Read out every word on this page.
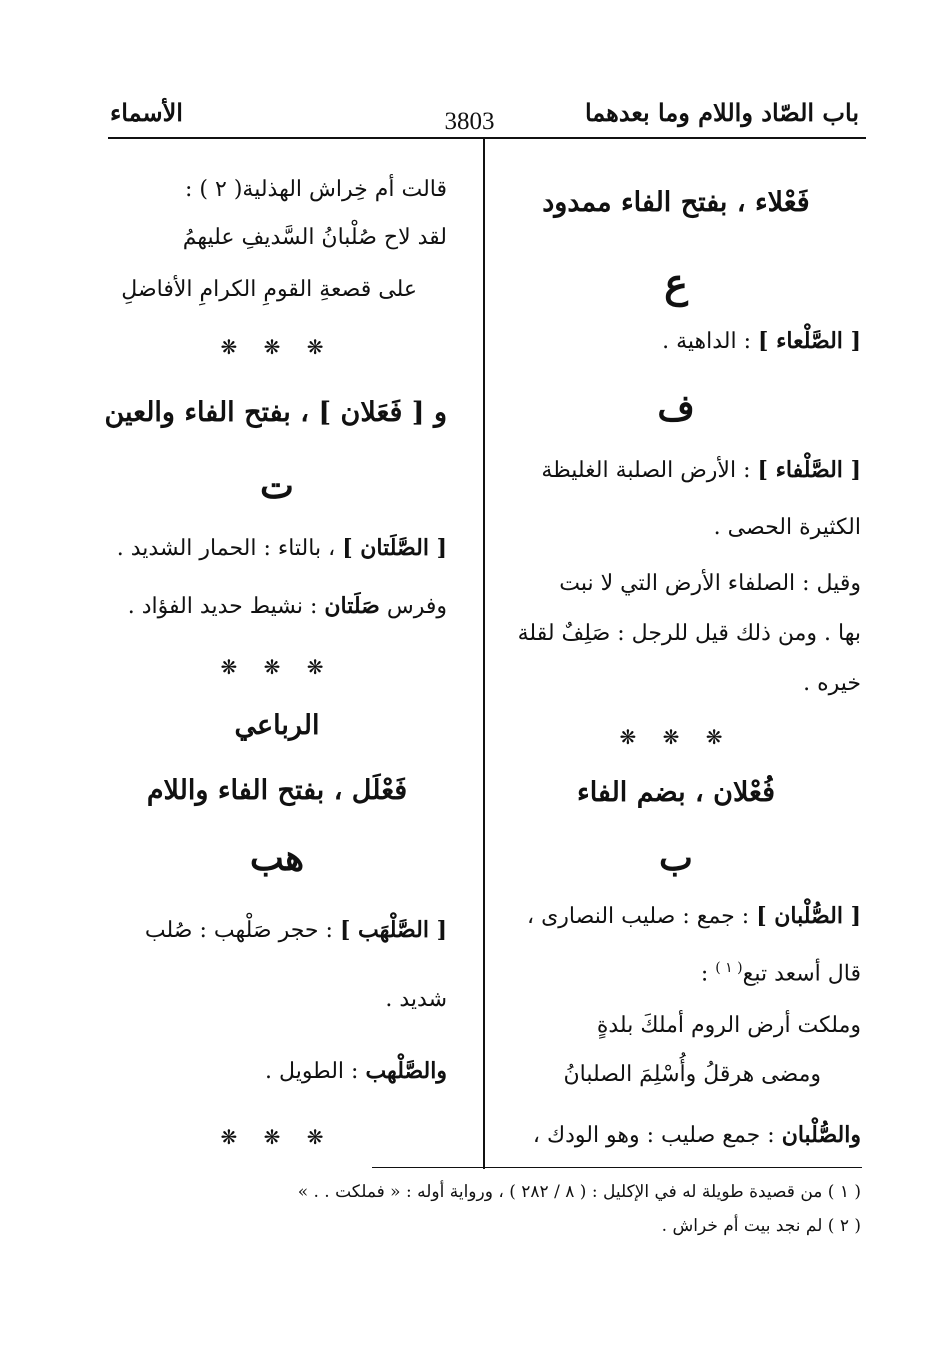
باب الصّاد واللام وما بعدهما
3803
الأسماء
فَعْلاء ، بفتح الفاء ممدود
ع
[ الصَّلْعاء ] : الداهية .
ف
[ الصَّلْفاء ] : الأرض الصلبة الغليظة
الكثيرة الحصى .
وقيل : الصلفاء الأرض التي لا نبت
بها . ومن ذلك قيل للرجل : صَلِفٌ لقلة
خيره .
❋ ❋ ❋
فُعْلان ، بضم الفاء
ب
[ الصُّلْبان ] : جمع : صليب النصارى ،
قال أسعد تبع$^{( ١ )}$ :
وملكت أرض الروم أملكَ بلدةٍ
ومضى هرقلُ وأُسْلِمَ الصلبانُ
والصُّلْبان : جمع صليب : وهو الودك ،
قالت أم خِراش الهذلية( ٢ ) :
لقد لاح صُلْبانُ السَّديفِ عليهمُ
على قصعةِ القومِ الكرامِ الأفاضلِ
❋ ❋ ❋
و [ فَعَلان ] ، بفتح الفاء والعين
ت
[ الصَّلَتان ] ، بالتاء : الحمار الشديد .
وفرس صَلَتان : نشيط حديد الفؤاد .
❋ ❋ ❋
الرباعي
فَعْلَل ، بفتح الفاء واللام
هب
[ الصَّلْهَب ] : حجر صَلْهب : صُلب
شديد .
والصَّلْهب : الطويل .
❋ ❋ ❋
( ١ ) من قصيدة طويلة له في الإكليل : ( ٨ / ٢٨٢ ) ، ورواية أوله : « فملكت . . »
( ٢ ) لم نجد بيت أم خراش .
